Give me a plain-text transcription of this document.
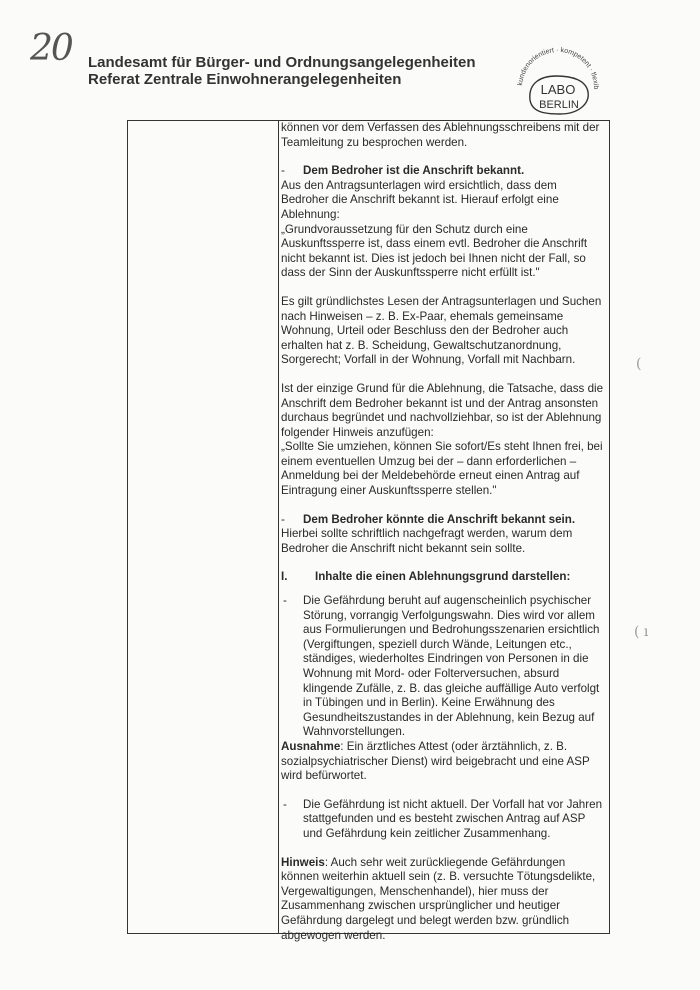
20 Landesamt für Bürger- und Ordnungsangelegenheiten
Referat Zentrale Einwohnerangelegenheiten	kundenorientiert · kompetent · flexib
LABO
BERLIN

können vor dem Verfassen des Ablehnungsschreibens mit der Teamleitung zu besprochen werden.

- Dem Bedroher ist die Anschrift bekannt.

Aus den Antragsunterlagen wird ersichtlich, dass dem Bedroher die Anschrift bekannt ist. Hierauf erfolgt eine Ablehnung:

„Grundvoraussetzung für den Schutz durch eine Auskunftssperre ist, dass einem evtl. Bedroher die Anschrift nicht bekannt ist. Dies ist jedoch bei Ihnen nicht der Fall, so dass der Sinn der Auskunftssperre nicht erfüllt ist."

Es gilt gründlichstes Lesen der Antragsunterlagen und Suchen nach Hinweisen – z. B. Ex-Paar, ehemals gemeinsame Wohnung, Urteil oder Beschluss den der Bedroher auch erhalten hat z. B. Scheidung, Gewaltschutzanordnung, Sorgerecht; Vorfall in der Wohnung, Vorfall mit Nachbarn.

Ist der einzige Grund für die Ablehnung, die Tatsache, dass die Anschrift dem Bedroher bekannt ist und der Antrag ansonsten durchaus begründet und nachvollziehbar, so ist der Ablehnung folgender Hinweis anzufügen:

„Sollte Sie umziehen, können Sie sofort/Es steht Ihnen frei, bei einem eventuellen Umzug bei der – dann erforderlichen – Anmeldung bei der Meldebehörde erneut einen Antrag auf Eintragung einer Auskunftssperre stellen."

- Dem Bedroher könnte die Anschrift bekannt sein.

Hierbei sollte schriftlich nachgefragt werden, warum dem Bedroher die Anschrift nicht bekannt sein sollte.

I. Inhalte die einen Ablehnungsgrund darstellen:

- Die Gefährdung beruht auf augenscheinlich psychischer Störung, vorrangig Verfolgungswahn. Dies wird vor allem aus Formulierungen und Bedrohungsszenarien ersichtlich (Vergiftungen, speziell durch Wände, Leitungen etc., ständiges, wiederholtes Eindringen von Personen in die Wohnung mit Mord- oder Folterversuchen, absurd klingende Zufälle, z. B. das gleiche auffällige Auto verfolgt in Tübingen und in Berlin). Keine Erwähnung des Gesundheitszustandes in der Ablehnung, kein Bezug auf Wahnvorstellungen.

Ausnahme: Ein ärztliches Attest (oder ärztähnlich, z. B. sozialpsychiatrischer Dienst) wird beigebracht und eine ASP wird befürwortet.

- Die Gefährdung ist nicht aktuell. Der Vorfall hat vor Jahren stattgefunden und es besteht zwischen Antrag auf ASP und Gefährdung kein zeitlicher Zusammenhang.

Hinweis: Auch sehr weit zurückliegende Gefährdungen können weiterhin aktuell sein (z. B. versuchte Tötungsdelikte, Vergewaltigungen, Menschenhandel), hier muss der Zusammenhang zwischen ursprünglicher und heutiger Gefährdung dargelegt und belegt werden bzw. gründlich abgewogen werden.

(
( ı
